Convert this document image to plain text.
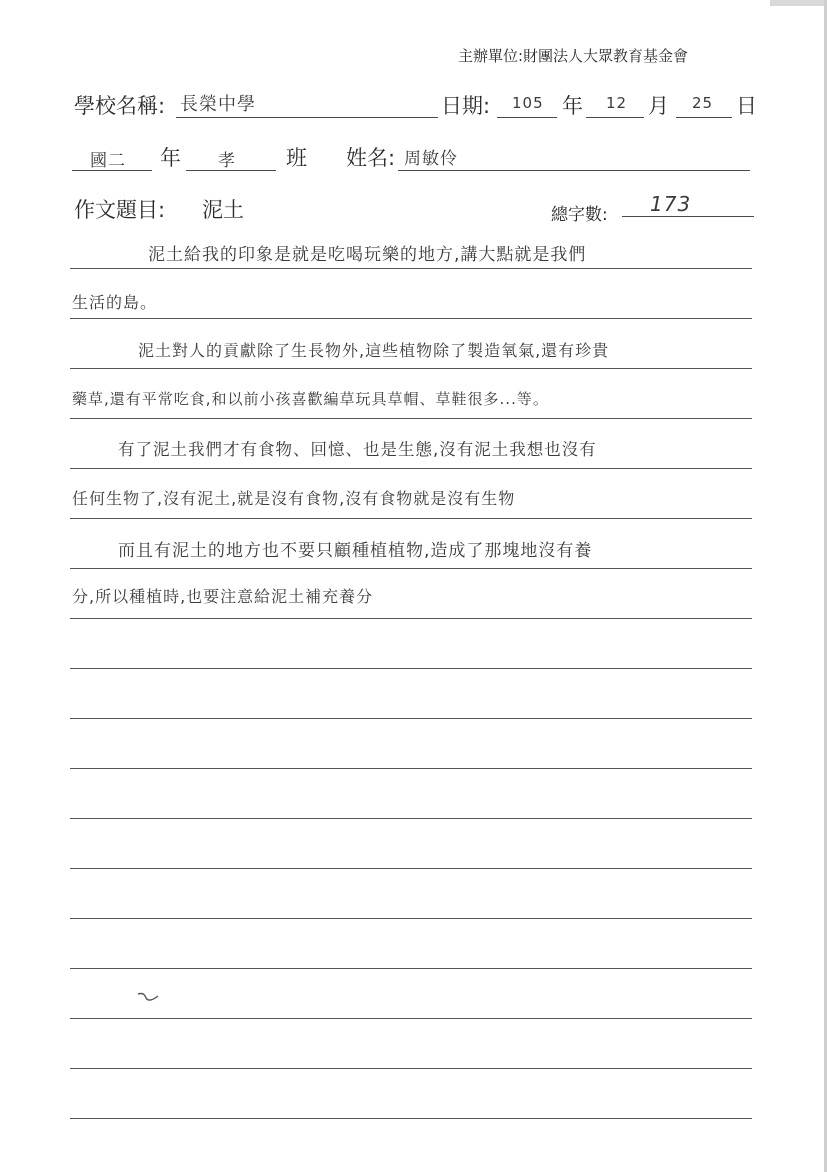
主辦單位:財團法人大眾教育基金會
學校名稱: 長榮中學	日期: 105 年 12 月 25 日
國二 年 孝 班 姓名: 周敏伶
作文題目: 泥土	總字數: 173
泥土給我的印象是就是吃喝玩樂的地方,講大點就是我們
生活的島。
泥土對人的貢獻除了生長物外,這些植物除了製造氧氣,還有珍貴
藥草,還有平常吃食,和以前小孩喜歡編草玩具草帽、草鞋很多...等。
有了泥土我們才有食物、回憶、也是生態,沒有泥土我想也沒有
任何生物了,沒有泥土,就是沒有食物,沒有食物就是沒有生物
而且有泥土的地方也不要只顧種植植物,造成了那塊地沒有養
分,所以種植時,也要注意給泥土補充養分
